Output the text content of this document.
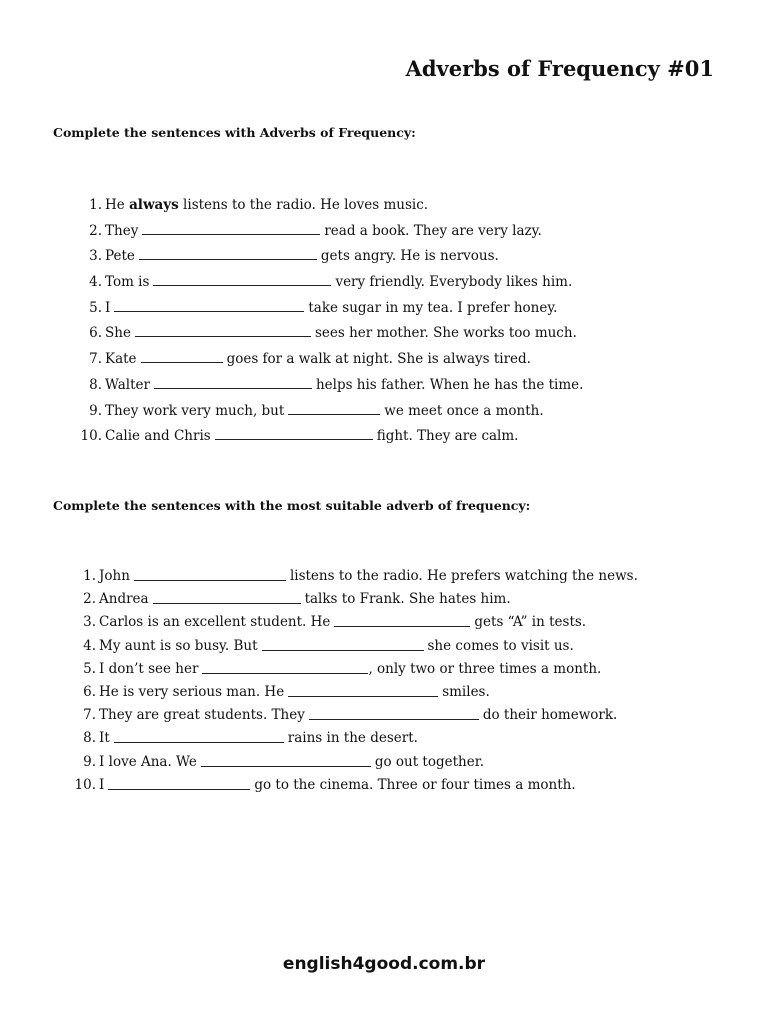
Adverbs of Frequency #01

Complete the sentences with Adverbs of Frequency:

1. He always listens to the radio. He loves music.
2. They	read a book. They are very lazy.
3. Pete	gets angry. He is nervous.
4. Tom is	very friendly. Everybody likes him.
5. I	take sugar in my tea. I prefer honey.
6. She	sees her mother. She works too much.
7. Kate	goes for a walk at night. She is always tired.
8. Walter	helps his father. When he has the time.
9. They work very much, but	we meet once a month.
10. Calie and Chris	fight. They are calm.

Complete the sentences with the most suitable adverb of frequency:

1. John	listens to the radio. He prefers watching the news.
2. Andrea	talks to Frank. She hates him.
3. Carlos is an excellent student. He	gets “A” in tests.
4. My aunt is so busy. But	she comes to visit us.
5. I don’t see her	, only two or three times a month.
6. He is very serious man. He	smiles.
7. They are great students. They	do their homework.
8. It	rains in the desert.
9. I love Ana. We	go out together.
10. I	go to the cinema. Three or four times a month.

english4good.com.br
